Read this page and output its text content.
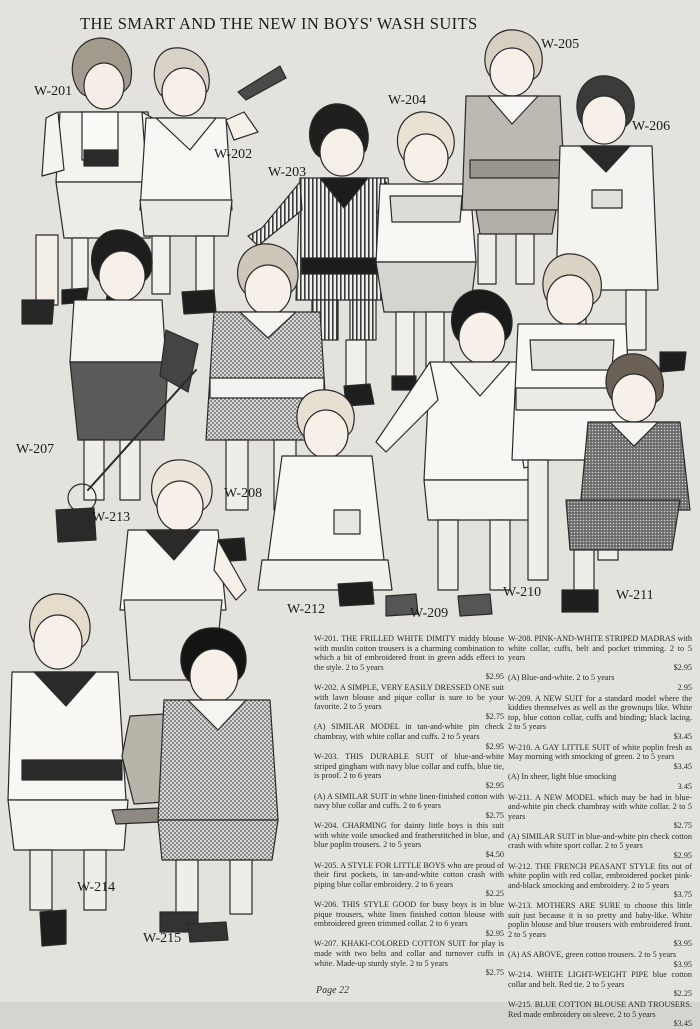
THE SMART AND THE NEW IN BOYS' WASH SUITS
W-201
W-202
W-203
W-204
W-205
W-206
W-207
W-208
W-209
W-210	W-211
W-212
W-213
W-214
W-215
W-201. THE FRILLED WHITE DIMITY middy blouse with muslin cotton trousers is a charming combination to which a bit of embroidered front in green adds effect to the style. 2 to 5 years
$2.95
W-202. A SIMPLE, VERY EASILY DRESSED ONE suit with lawn blouse and pique collar is sure to be your favorite. 2 to 5 years
$2.75
(A) SIMILAR MODEL in tan-and-white pin check chambray, with white collar and cuffs. 2 to 5 years
$2.95
W-203. THIS DURABLE SUIT of blue-and-white striped gingham with navy blue collar and cuffs, blue tie, is proof. 2 to 6 years
$2.95
(A) A SIMILAR SUIT in white linen-finished cotton with navy blue collar and cuffs. 2 to 6 years
$2.75
W-204. CHARMING for dainty little boys is this suit with white voile smocked and featherstitched in blue, and blue poplin trousers. 2 to 5 years
$4.50
W-205. A STYLE FOR LITTLE BOYS who are proud of their first pockets, in tan-and-white cotton crash with piping blue collar embroidery. 2 to 6 years
$2.25
W-206. THIS STYLE GOOD for busy boys is in blue pique trousers, white linen finished cotton blouse with embroidered green trimmed collar. 2 to 6 years
$2.95
W-207. KHAKI-COLORED COTTON SUIT for play is made with two belts and collar and turnover cuffs in white. Made-up sturdy style. 2 to 5 years
$2.75
W-208. PINK-AND-WHITE STRIPED MADRAS with white collar, cuffs, belt and pocket trimming. 2 to 5 years
$2.95
(A) Blue-and-white. 2 to 5 years
2.95
W-209. A NEW SUIT for a standard model where the kiddies themselves as well as the grownups like. White top, blue cotton collar, cuffs and binding; black lacing. 2 to 5 years
$3.45
W-210. A GAY LITTLE SUIT of white poplin fresh as May morning with smocking of green. 2 to 5 years
$3.45
(A) In sheer, light blue smocking
3.45
W-211. A NEW MODEL which may be had in blue-and-white pin check chambray with white collar. 2 to 5 years
$2.75
(A) SIMILAR SUIT in blue-and-white pin check cotton crash with white sport collar. 2 to 5 years
$2.95
W-212. THE FRENCH PEASANT STYLE fits out of white poplin with red collar, embroidered pocket pink-and-black smocking and embroidery. 2 to 5 years
$3.75
W-213. MOTHERS ARE SURE to choose this little suit just because it is so pretty and baby-like. White poplin blouse and blue trousers with embroidered front. 2 to 5 years
$3.95
(A) AS ABOVE, green cotton trousers. 2 to 5 years
$3.95
W-214. WHITE LIGHT-WEIGHT PIPE blue cotton collar and belt. Red tie. 2 to 5 years
$2.25
W-215. BLUE COTTON BLOUSE AND TROUSERS. Red made embroidery on sleeve. 2 to 5 years
$3.45
Page 22
